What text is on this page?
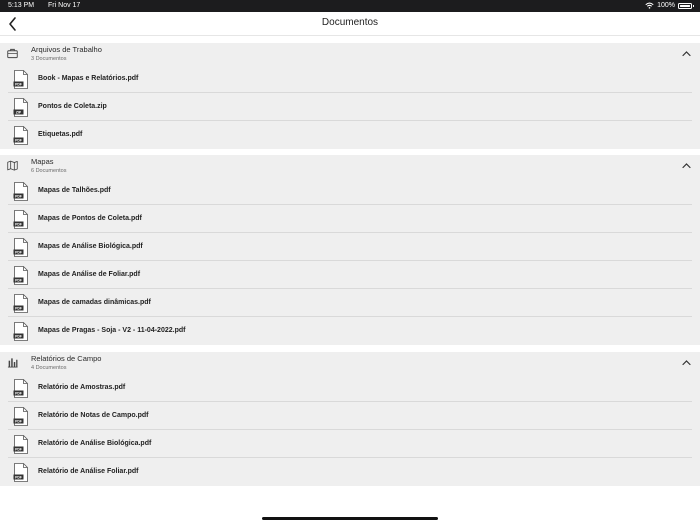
5:13 PM Fri Nov 17	100%
Documentos
Arquivos de Trabalho
3 Documentos
PDF
Book - Mapas e Relatórios.pdf
ZIP
Pontos de Coleta.zip
PDF
Etiquetas.pdf
Mapas
6 Documentos
PDF
Mapas de Talhões.pdf
PDF
Mapas de Pontos de Coleta.pdf
PDF
Mapas de Análise Biológica.pdf
PDF
Mapas de Análise de Foliar.pdf
PDF
Mapas de camadas dinâmicas.pdf
PDF
Mapas de Pragas - Soja - V2 - 11-04-2022.pdf
Relatórios de Campo
4 Documentos
PDF
Relatório de Amostras.pdf
PDF
Relatório de Notas de Campo.pdf
PDF
Relatório de Análise Biológica.pdf
PDF
Relatório de Análise Foliar.pdf
